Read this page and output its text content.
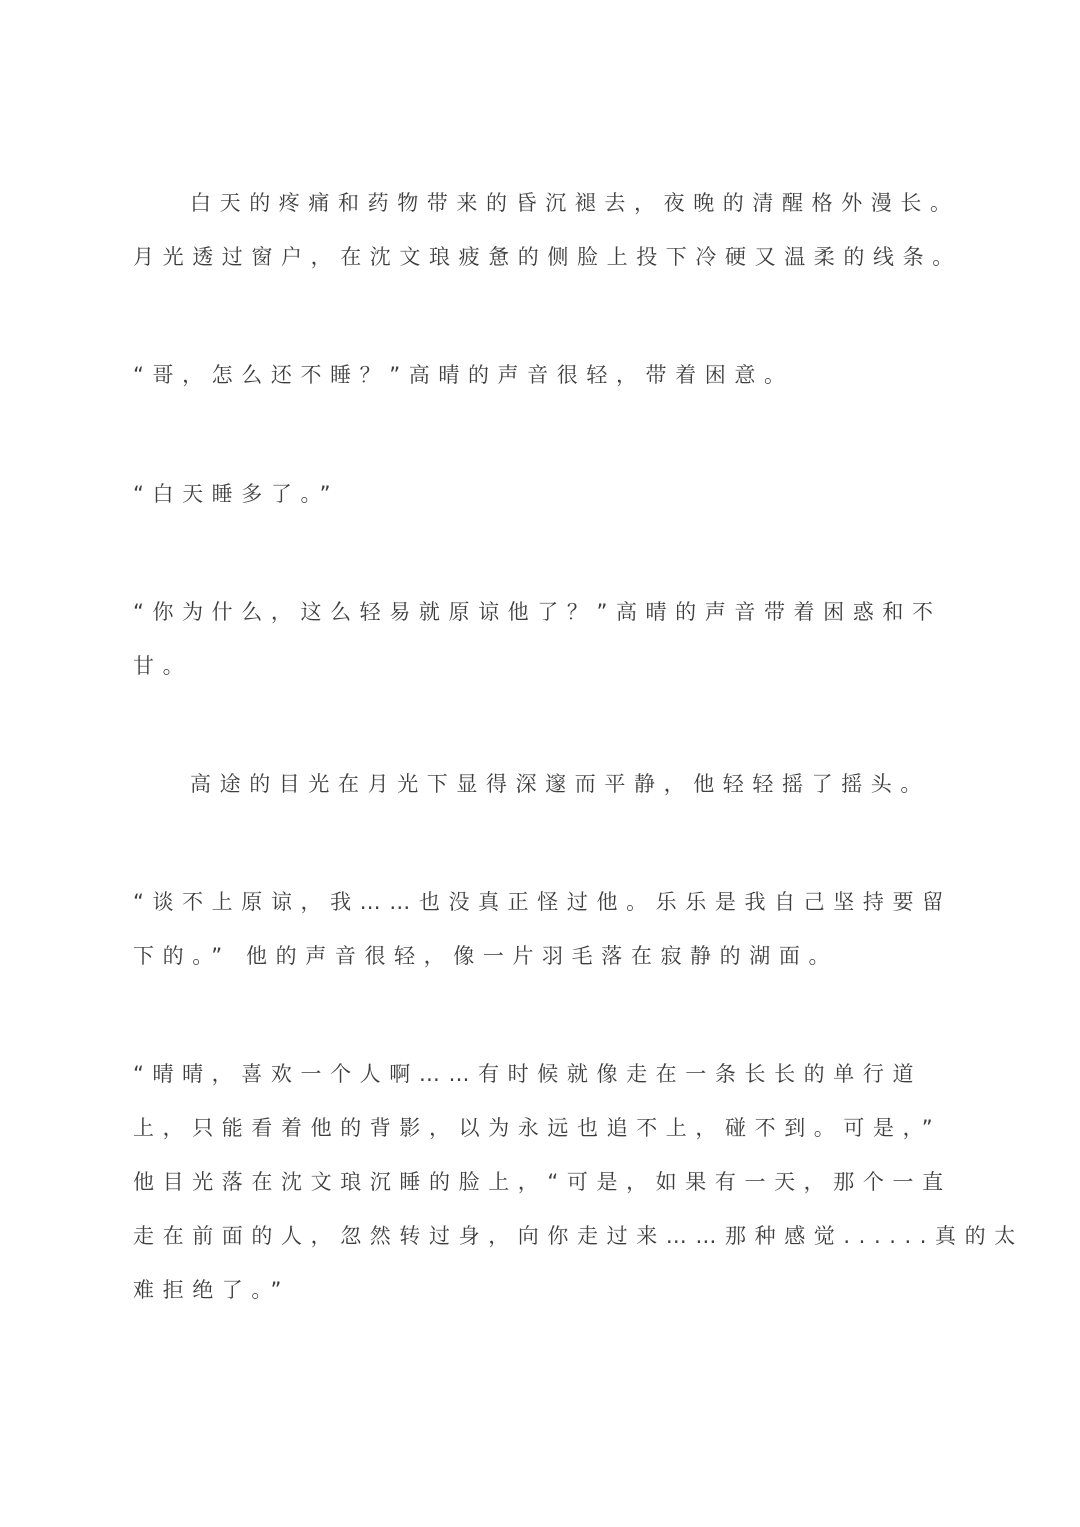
白天的疼痛和药物带来的昏沉褪去，夜晚的清醒格外漫长。
月光透过窗户，在沈文琅疲惫的侧脸上投下冷硬又温柔的线条。
“哥，怎么还不睡？”高晴的声音很轻，带着困意。
“白天睡多了。”
“你为什么，这么轻易就原谅他了？”高晴的声音带着困惑和不
甘。
高途的目光在月光下显得深邃而平静，他轻轻摇了摇头。
“谈不上原谅，我……也没真正怪过他。乐乐是我自己坚持要留
下的。” 他的声音很轻，像一片羽毛落在寂静的湖面。
“晴晴，喜欢一个人啊……有时候就像走在一条长长的单行道
上，只能看着他的背影，以为永远也追不上，碰不到。可是，”
他目光落在沈文琅沉睡的脸上，“可是，如果有一天，那个一直
走在前面的人，忽然转过身，向你走过来……那种感觉......真的太
难拒绝了。”
